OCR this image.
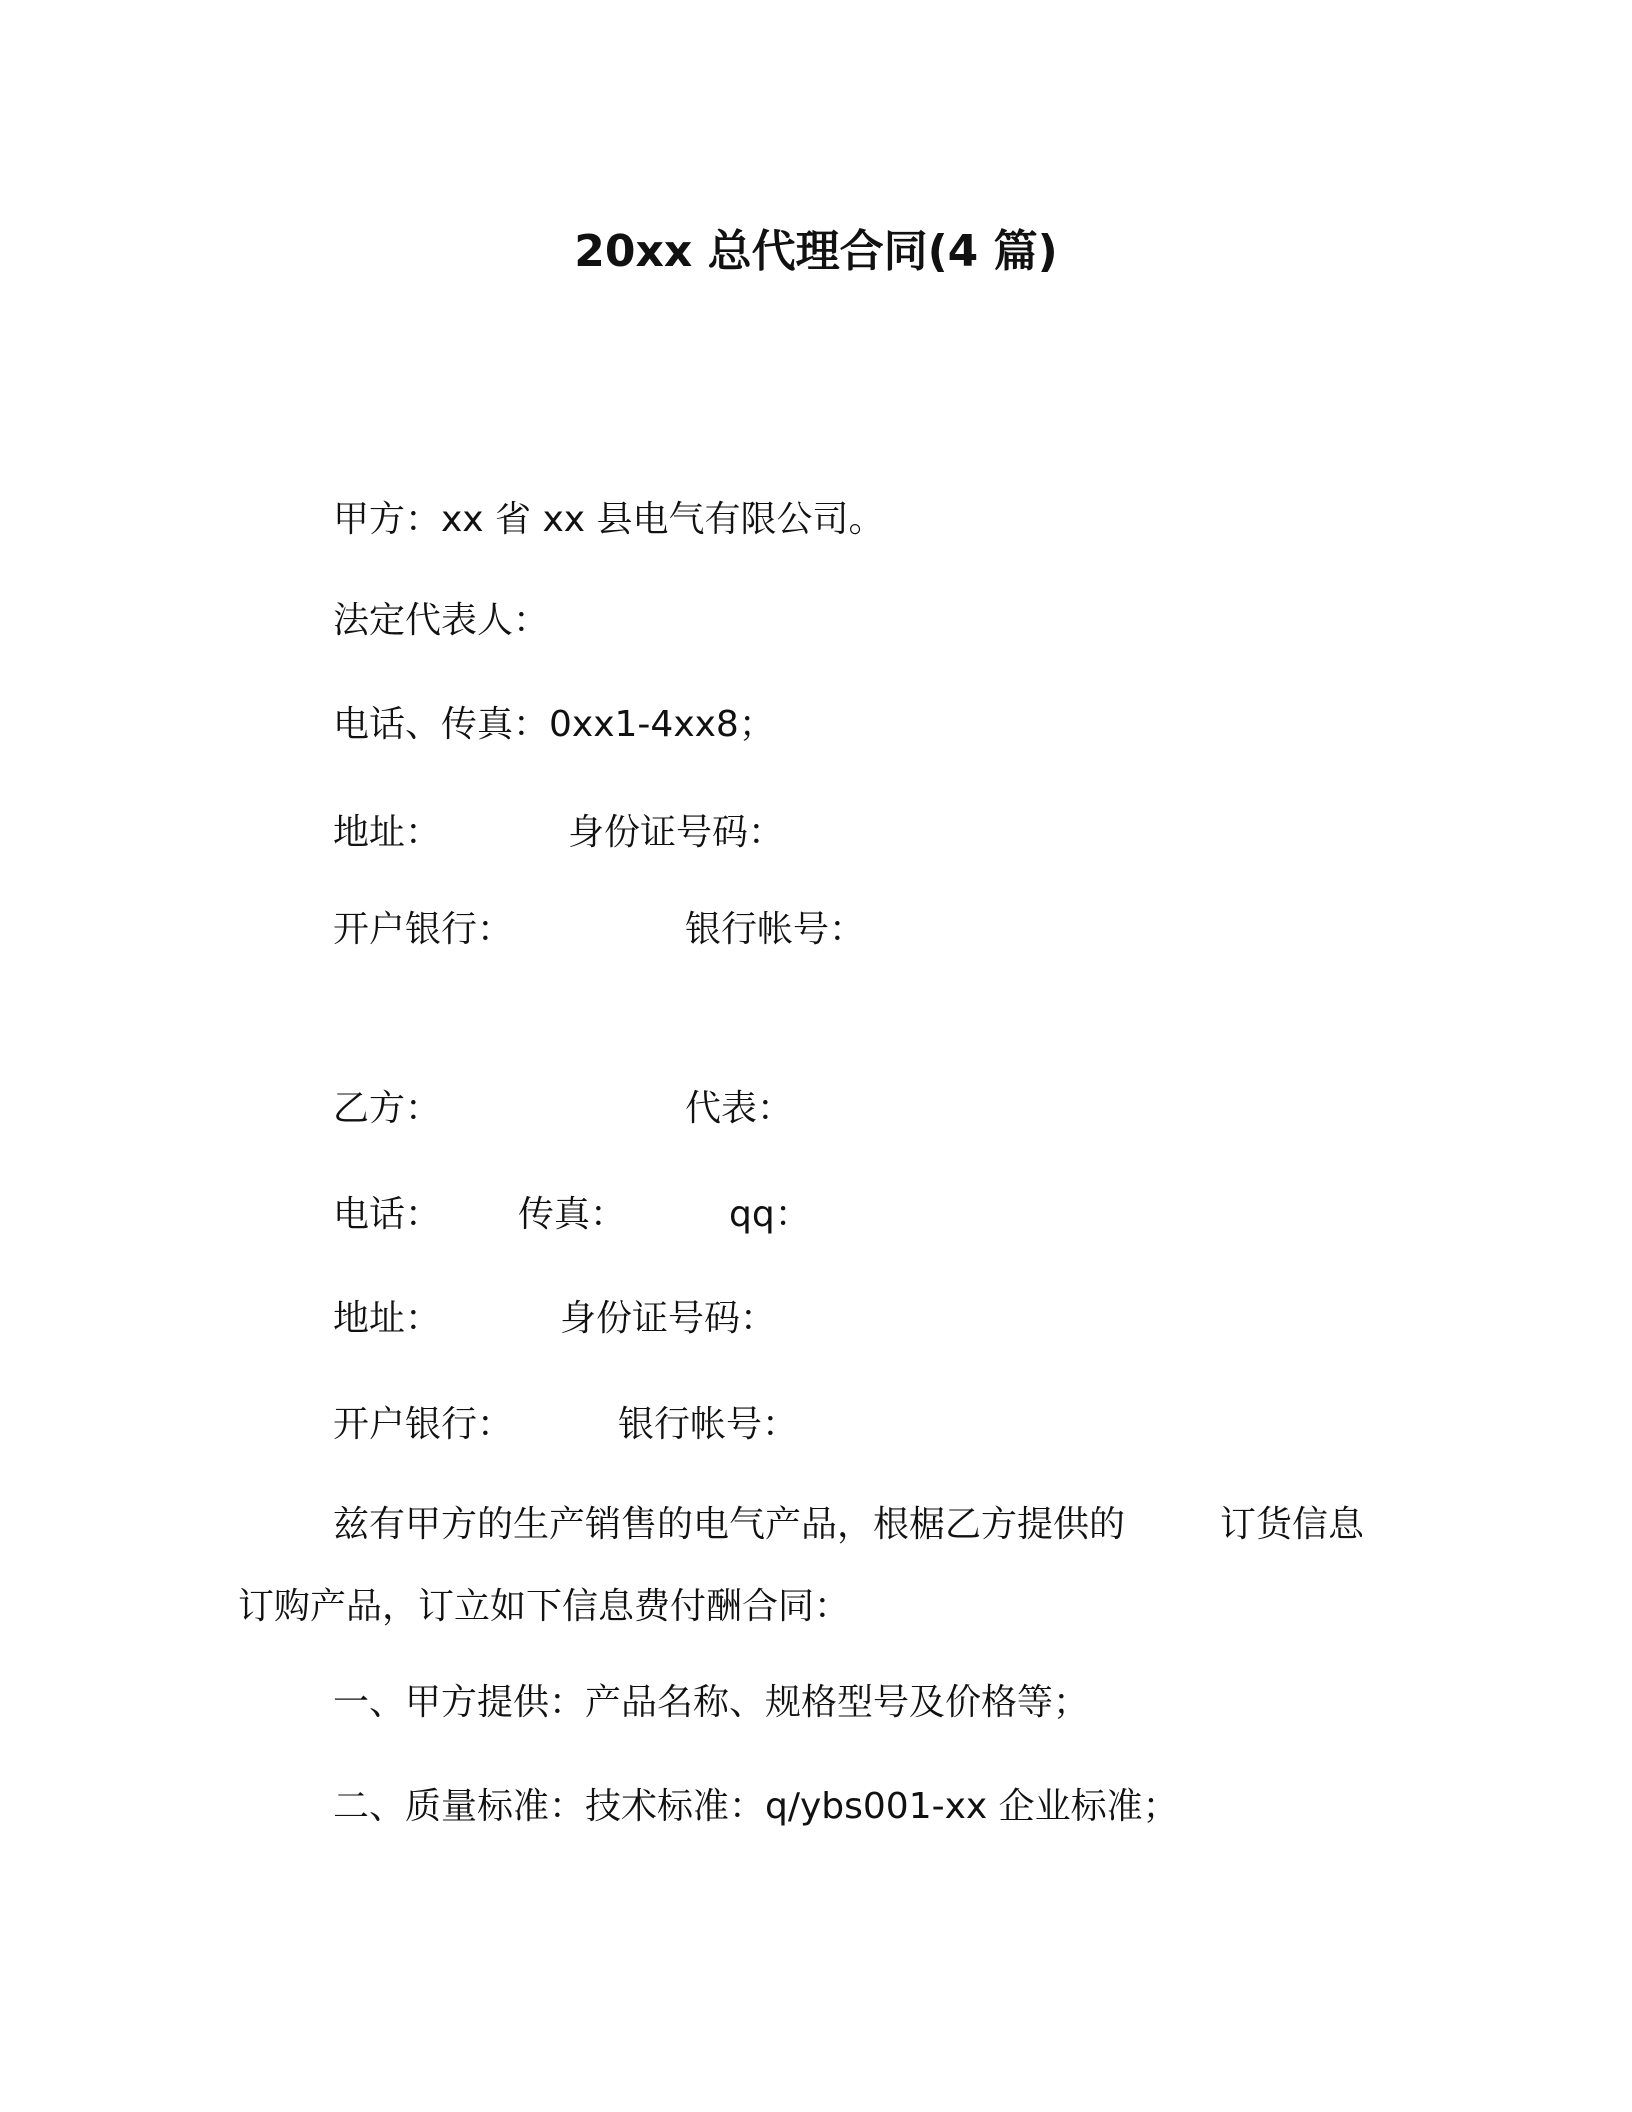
20xx 总代理合同(4 篇)
甲方：xx 省 xx 县电气有限公司。
法定代表人：
电话、传真：0xx1-4xx8；
地址：	身份证号码：
开户银行：	银行帐号：
乙方：	代表：
电话： 传真：	qq：
地址：	身份证号码：
开户银行：	银行帐号：
兹有甲方的生产销售的电气产品，根椐乙方提供的	订货信息
订购产品，订立如下信息费付酬合同：
一、甲方提供：产品名称、规格型号及价格等；
二、质量标准：技术标准：q/ybs001-xx 企业标准；
